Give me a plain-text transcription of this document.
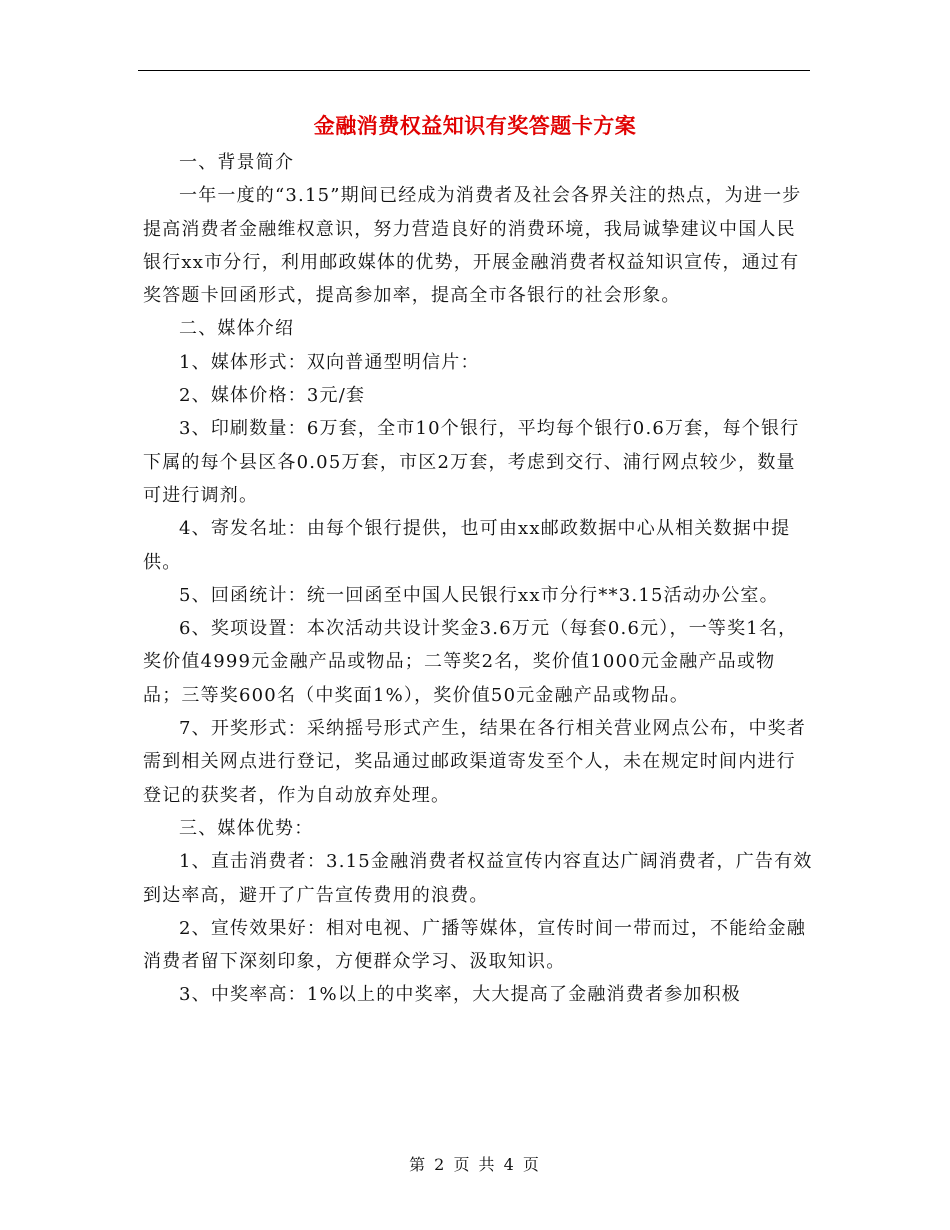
金融消费权益知识有奖答题卡方案

一、背景简介

一年一度的“3.15”期间已经成为消费者及社会各界关注的热点，为进一步提高消费者金融维权意识，努力营造良好的消费环境，我局诚挚建议中国人民银行xx市分行，利用邮政媒体的优势，开展金融消费者权益知识宣传，通过有奖答题卡回函形式，提高参加率，提高全市各银行的社会形象。

二、媒体介绍

1、媒体形式：双向普通型明信片：

2、媒体价格：3元/套

3、印刷数量：6万套，全市10个银行，平均每个银行0.6万套，每个银行下属的每个县区各0.05万套，市区2万套，考虑到交行、浦行网点较少，数量可进行调剂。

4、寄发名址：由每个银行提供，也可由xx邮政数据中心从相关数据中提供。

5、回函统计：统一回函至中国人民银行xx市分行**3.15活动办公室。

6、奖项设置：本次活动共设计奖金3.6万元（每套0.6元），一等奖1名，奖价值4999元金融产品或物品；二等奖2名，奖价值1000元金融产品或物品；三等奖600名（中奖面1%），奖价值50元金融产品或物品。

7、开奖形式：采纳摇号形式产生，结果在各行相关营业网点公布，中奖者需到相关网点进行登记，奖品通过邮政渠道寄发至个人，未在规定时间内进行登记的获奖者，作为自动放弃处理。

三、媒体优势：

1、直击消费者：3.15金融消费者权益宣传内容直达广阔消费者，广告有效到达率高，避开了广告宣传费用的浪费。

2、宣传效果好：相对电视、广播等媒体，宣传时间一带而过，不能给金融消费者留下深刻印象，方便群众学习、汲取知识。

3、中奖率高：1%以上的中奖率，大大提高了金融消费者参加积极

第 2 页 共 4 页
